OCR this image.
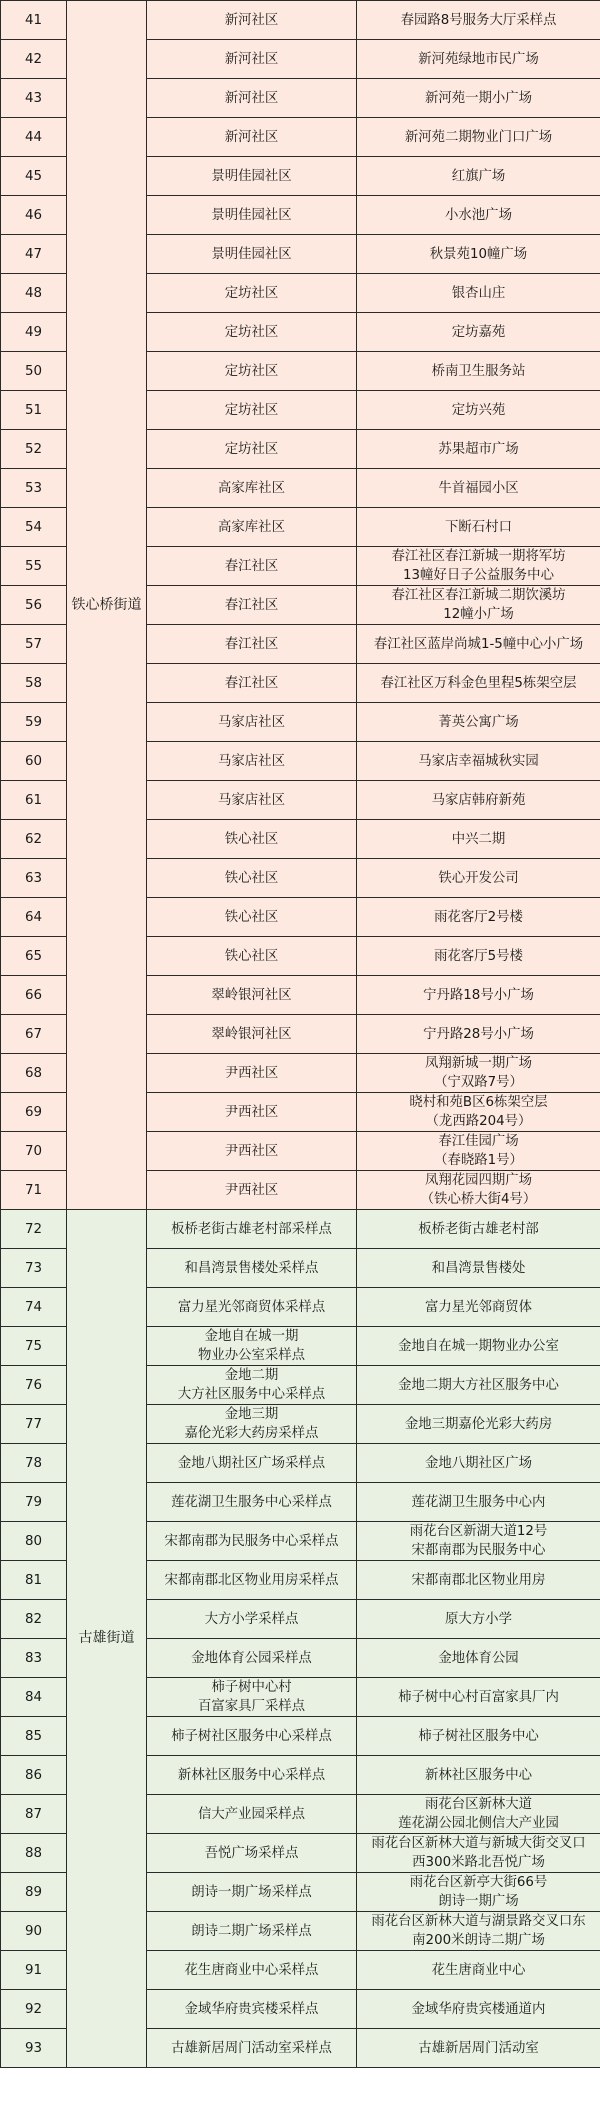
41	铁心桥街道	新河社区	春园路8号服务大厅采样点

42		新河社区	新河苑绿地市民广场

43		新河社区	新河苑一期小广场

44		新河社区	新河苑二期物业门口广场

45		景明佳园社区	红旗广场

46		景明佳园社区	小水池广场

47		景明佳园社区	秋景苑10幢广场

48		定坊社区	银杏山庄

49		定坊社区	定坊嘉苑

50		定坊社区	桥南卫生服务站

51		定坊社区	定坊兴苑

52		定坊社区	苏果超市广场

53		高家库社区	牛首福园小区

54		高家库社区	下断石村口

55		春江社区	春江社区春江新城一期将军坊
13幢好日子公益服务中心

56		春江社区	春江社区春江新城二期饮溪坊
12幢小广场

57		春江社区	春江社区蓝岸尚城1-5幢中心小广场

58		春江社区	春江社区万科金色里程5栋架空层

59		马家店社区	菁英公寓广场

60		马家店社区	马家店幸福城秋实园

61		马家店社区	马家店韩府新苑

62		铁心社区	中兴二期

63		铁心社区	铁心开发公司

64		铁心社区	雨花客厅2号楼

65		铁心社区	雨花客厅5号楼

66		翠岭银河社区	宁丹路18号小广场

67		翠岭银河社区	宁丹路28号小广场

68		尹西社区	凤翔新城一期广场
（宁双路7号）

69		尹西社区	晓村和苑B区6栋架空层
（龙西路204号）

70		尹西社区	春江佳园广场
（春晓路1号）

71		尹西社区	凤翔花园四期广场
（铁心桥大街4号）

72	古雄街道	板桥老街古雄老村部采样点	板桥老街古雄老村部

73		和昌湾景售楼处采样点	和昌湾景售楼处

74		富力星光邻商贸体采样点	富力星光邻商贸体

75		金地自在城一期
物业办公室采样点	金地自在城一期物业办公室

76		金地二期
大方社区服务中心采样点	金地二期大方社区服务中心

77		金地三期
嘉伦光彩大药房采样点	金地三期嘉伦光彩大药房

78		金地八期社区广场采样点	金地八期社区广场

79		莲花湖卫生服务中心采样点	莲花湖卫生服务中心内

80		宋都南郡为民服务中心采样点	雨花台区新湖大道12号
宋都南郡为民服务中心

81		宋都南郡北区物业用房采样点	宋都南郡北区物业用房

82		大方小学采样点	原大方小学

83		金地体育公园采样点	金地体育公园

84		柿子树中心村
百富家具厂采样点	柿子树中心村百富家具厂内

85		柿子树社区服务中心采样点	柿子树社区服务中心

86		新林社区服务中心采样点	新林社区服务中心

87		信大产业园采样点	雨花台区新林大道
莲花湖公园北侧信大产业园

88		吾悦广场采样点	雨花台区新林大道与新城大街交叉口
西300米路北吾悦广场

89		朗诗一期广场采样点	雨花台区新亭大街66号
朗诗一期广场

90		朗诗二期广场采样点	雨花台区新林大道与湖景路交叉口东
南200米朗诗二期广场

91		花生唐商业中心采样点	花生唐商业中心

92		金域华府贵宾楼采样点	金域华府贵宾楼通道内

93		古雄新居周门活动室采样点	古雄新居周门活动室
